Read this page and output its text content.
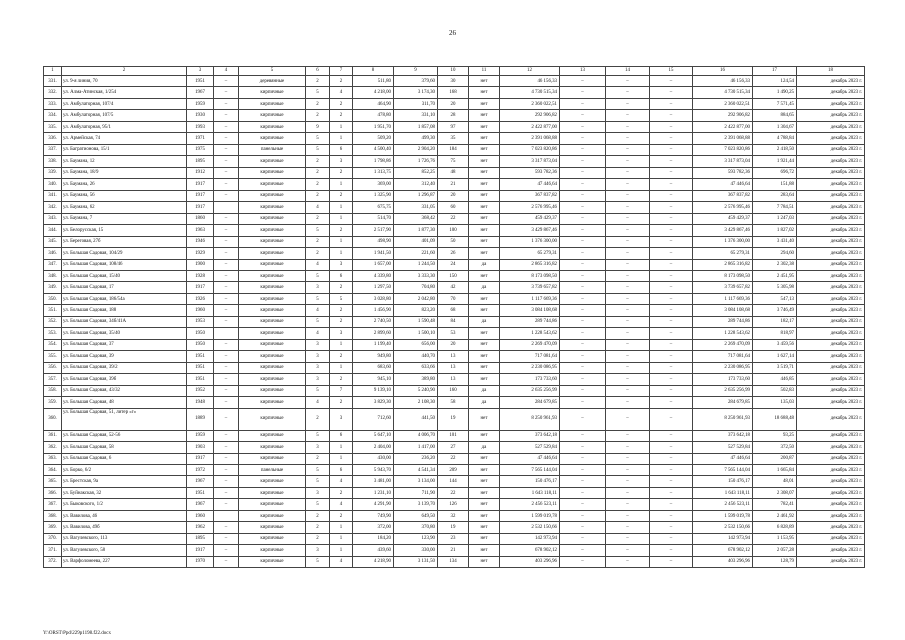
26
1	2	3	4	5	6	7	8	9	10	11	12	13	14	15	16	17	18
331.	ул. 9-я линия, 70	1951	–	деревянные	2	2	511,80	379,60	30	нет	46 156,33	–	–	–	46 156,33	124,54	декабрь 2023 г.
332.	ул. Алма-Атинская, 1/254	1967	–	кирпичные	5	4	4 218,00	3 174,30	168	нет	4 730 515,34	–	–	–	4 730 515,34	1 490,25	декабрь 2023 г.
333.	ул. Амбулаторная, 107/4	1959	–	кирпичные	2	2	464,90	311,70	20	нет	2 360 022,51	–	–	–	2 360 022,51	7 571,45	декабрь 2023 г.
334.	ул. Амбулаторная, 107/5	1930	–	кирпичные	2	2	478,80	331,10	28	нет	292 906,82	–	–	–	292 906,82	884,65	декабрь 2023 г.
335.	ул. Амбулаторная, 95/1	1993	–	кирпичные	9	1	1 951,70	1 857,08	97	нет	2 422 877,00	–	–	–	2 422 877,00	1 304,67	декабрь 2023 г.
336.	ул. Армейская, 74	1971	–	кирпичные	5	1	509,20	499,30	35	нет	2 391 068,88	–	–	–	2 391 068,88	4 788,84	декабрь 2023 г.
337.	ул. Багратионова, 15/1	1975	–	панельные	5	6	4 500,40	2 904,20	184	нет	7 023 820,86	–	–	–	7 023 820,86	2 418,50	декабрь 2023 г.
338.	ул. Баумана, 12	1895	–	кирпичные	2	3	1 798,86	1 726,76	75	нет	3 317 873,04	–	–	–	3 317 873,04	1 921,44	декабрь 2023 г.
339.	ул. Баумана, 18/9	1912	–	кирпичные	2	2	1 313,75	852,25	48	нет	593 782,36	–	–	–	593 782,36	696,72	декабрь 2023 г.
340.	ул. Баумана, 26	1917	–	кирпичные	2	1	369,00	312,40	21	нет	47 446,64	–	–	–	47 446,64	151,88	декабрь 2023 г.
341.	ул. Баумана, 56	1917	–	кирпичные	2	2	1 325,90	1 296,87	20	нет	367 837,82	–	–	–	367 837,82	283,64	декабрь 2023 г.
342.	ул. Баумана, 62	1917		кирпичные	4	1	675,75	331,05	60	нет	2 576 995,46	–	–	–	2 576 995,46	7 784,51	декабрь 2023 г.
343.	ул. Баумана, 7	1860	–	кирпичные	2	1	514,70	368,42	22	нет	459 429,37	–	–	–	459 429,37	1 247,03	декабрь 2023 г.
344.	ул. Белорусская, 15	1963	–	кирпичные	5	2	2 517,90	1 877,30	100	нет	3 429 867,46	–	–	–	3 429 867,46	1 827,02	декабрь 2023 г.
345.	ул. Береговая, 27б	1946	–	кирпичные	2	1	498,90	401,09	50	нет	1 376 300,00	–	–	–	1 376 300,00	3 431,40	декабрь 2023 г.
346.	ул. Большая Садовая, 104/29	1929	–	кирпичные	2	1	1 941,50	221,60	26	нет	65 279,31	–	–	–	65 279,31	294,60	декабрь 2023 г.
347.	ул. Большая Садовая, 108/46	1900	–	кирпичные	4	3	1 657,00	1 244,50	24	да	2 865 316,82	–	–	–	2 865 316,82	2 302,38	декабрь 2023 г.
348.	ул. Большая Садовая, 15/40	1928	–	кирпичные	5	6	4 339,80	3 333,30	150	нет	8 173 098,50	–	–	–	8 173 098,50	2 451,95	декабрь 2023 г.
349.	ул. Большая Садовая, 17	1917	–	кирпичные	3	2	1 297,50	704,80	42	да	3 739 657,82	–	–	–	3 739 657,82	5 305,98	декабрь 2023 г.
350.	ул. Большая Садовая, 186/54а	1926	–	кирпичные	5	5	3 028,80	2 042,80	70	нет	1 117 669,36	–	–	–	1 117 669,36	547,13	декабрь 2023 г.
351.	ул. Большая Садовая, 188	1960	–	кирпичные	4	2	1 456,90	823,20	68	нет	3 084 108,68	–	–	–	3 084 108,68	3 746,49	декабрь 2023 г.
352.	ул. Большая Садовая, 34б/41А	1953	–	кирпичные	5	2	2 740,50	1 590,48	84	да	289 744,86	–	–	–	289 744,86	182,17	декабрь 2023 г.
353.	ул. Большая Садовая, 35/40	1950		кирпичные	4	3	2 899,60	1 500,10	53	нет	1 228 543,62	–	–	–	1 228 543,62	818,97	декабрь 2023 г.
354.	ул. Большая Садовая, 37	1950	–	кирпичные	3	1	1 199,40	656,00	20	нет	2 269 470,09	–	–	–	2 269 470,09	3 459,56	декабрь 2023 г.
355.	ул. Большая Садовая, 39	1951	–	кирпичные	3	2	949,80	440,70	13	нет	717 081,64	–	–	–	717 081,64	1 627,14	декабрь 2023 г.
356.	ул. Большая Садовая, 39/2	1951	–	кирпичные	3	1	683,60	633,66	13	нет	2 230 086,95	–	–	–	2 230 086,95	3 519,71	декабрь 2023 г.
357.	ул. Большая Садовая, 39б	1951	–	кирпичные	3	2	945,10	389,80	13	нет	173 733,60	–	–	–	173 733,60	446,85	декабрь 2023 г.
358.	ул. Большая Садовая, 43/32	1952	–	кирпичные	5	7	9 139,10	5 240,90	160	да	2 635 256,99	–	–	–	2 635 256,99	502,83	декабрь 2023 г.
359.	ул. Большая Садовая, 48	1948	–	кирпичные	4	2	3 829,30	2 108,30	58	да	284 679,85	–	–	–	284 679,85	135,03	декабрь 2023 г.
360.	ул. Большая Садовая, 51, литер «г»	1889	–	кирпичные	2	3	712,60	441,50	19	нет	8 250 961,93	–	–	–	8 250 961,93	18 688,48	декабрь 2023 г.
361.	ул. Большая Садовая, 52-56	1959	–	кирпичные	5	6	5 647,10	4 006,70	101	нет	373 642,18	–	–	–	373 642,18	93,25	декабрь 2023 г.
362.	ул. Большая Садовая, 58	1903	–	кирпичные	3	1	2 404,00	1 417,00	27	да	527 529,84	–	–	–	527 529,84	372,50	декабрь 2023 г.
363.	ул. Большая Садовая, 6	1917	–	кирпичные	2	1	430,00	236,20	22	нет	47 446,64	–	–	–	47 446,64	200,87	декабрь 2023 г.
364.	ул. Борко, 6/2	1972	–	панельные	5	6	5 943,70	4 541,34	209	нет	7 565 144,04	–	–	–	7 565 144,04	1 665,84	декабрь 2023 г.
365.	ул. Брестская, 9а	1967	–	кирпичные	5	4	3 481,00	3 134,00	144	нет	150 476,17	–	–	–	150 476,17	48,01	декабрь 2023 г.
366.	ул. Буйнакская, 32	1951	–	кирпичные	3	2	1 231,10	711,90	22	нет	1 643 118,11	–	–	–	1 643 118,11	2 308,07	декабрь 2023 г.
367.	ул. Быковского, 1/2	1967	–	кирпичные	5	4	4 291,90	3 139,70	126	нет	2 456 523,11	–	–	–	2 456 523,11	782,41	декабрь 2023 г.
368.	ул. Вавилова, 46	1960		кирпичные	2	2	749,90	649,50	32	нет	1 599 019,78	–	–	–	1 599 019,78	2 461,92	декабрь 2023 г.
369.	ул. Вавилова, 49б	1962	–	кирпичные	2	1	372,00	370,80	19	нет	2 532 150,66	–	–	–	2 532 150,66	6 828,89	декабрь 2023 г.
370.	ул. Вагулевского, 113	1895	–	кирпичные	2	1	184,20	123,90	23	нет	142 973,94	–	–	–	142 973,94	1 153,95	декабрь 2023 г.
371.	ул. Вагулевского, 58	1917	–	кирпичные	3	1	439,60	330,00	21	нет	678 902,12	–	–	–	678 902,12	2 057,28	декабрь 2023 г.
372.	ул. Варфоломеева, 227	1970	–	кирпичные	5	4	4 218,90	3 131,50	134	нет	403 296,96	–	–	–	403 296,96	128,79	декабрь 2023 г.
Y:\ORST\Ppd\229p1198.f22.docx
